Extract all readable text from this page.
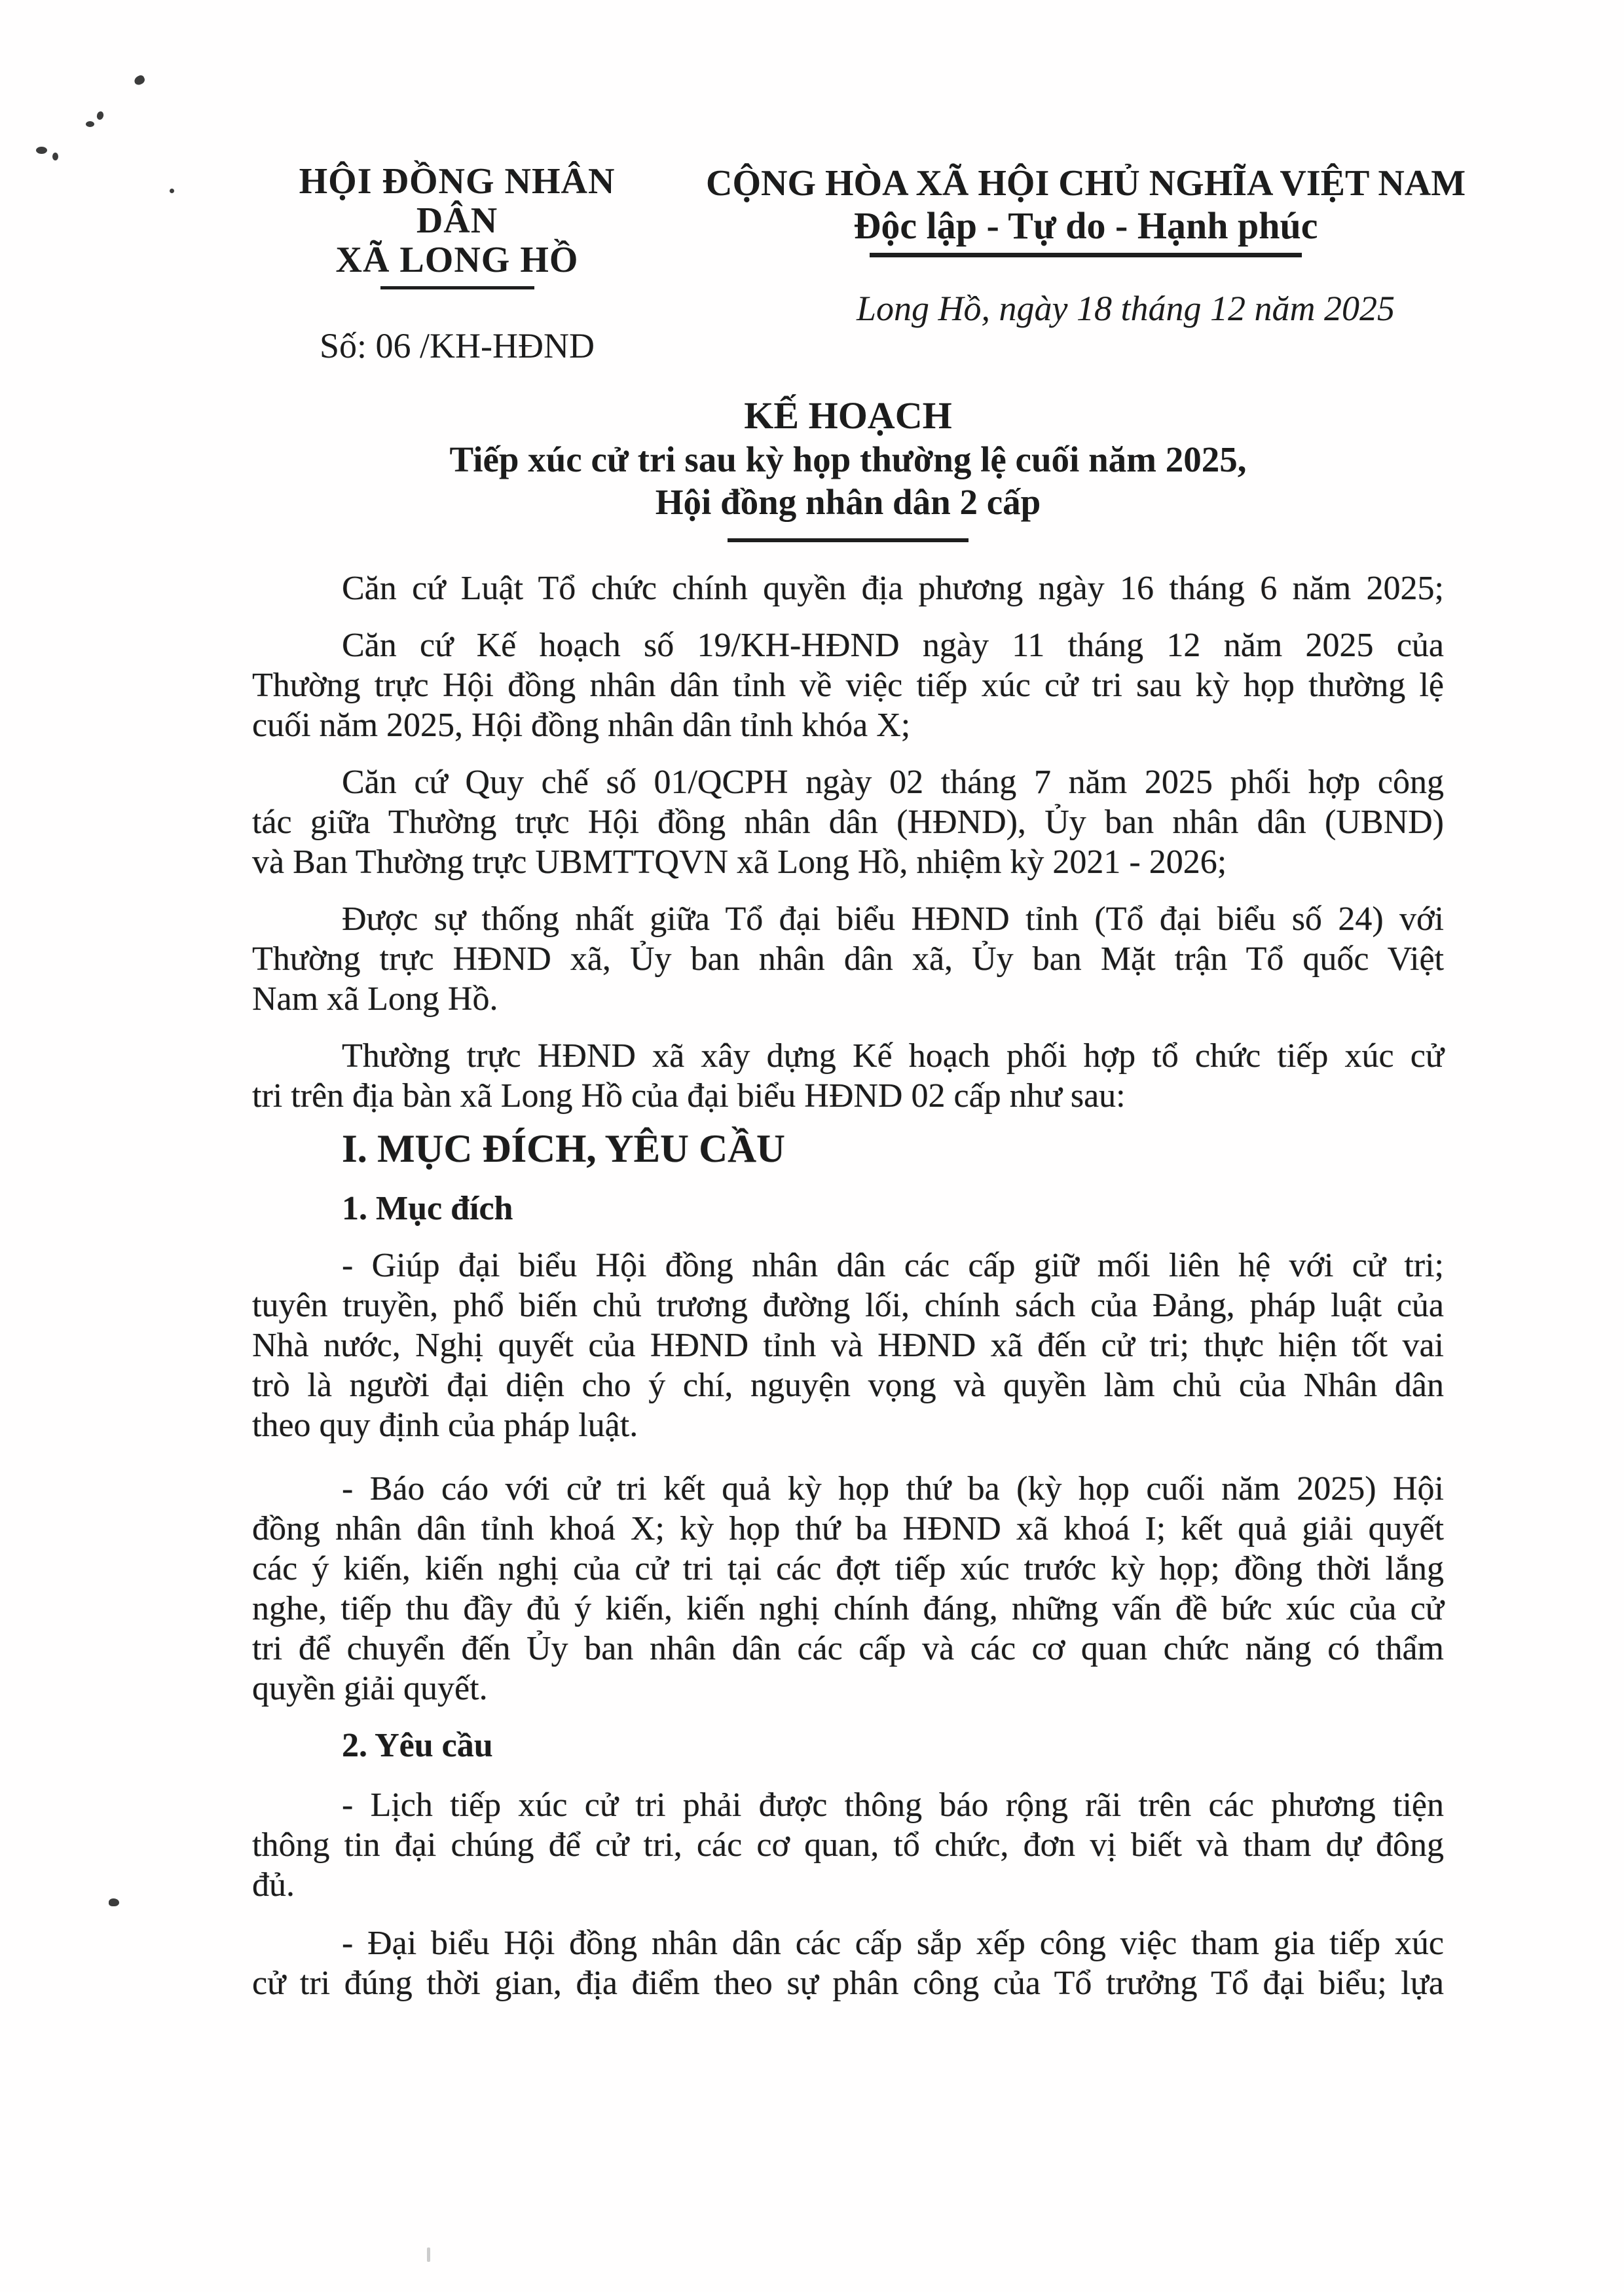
HỘI ĐỒNG NHÂN DÂN
XÃ LONG HỒ
Số: 06 /KH-HĐND
CỘNG HÒA XÃ HỘI CHỦ NGHĨA VIỆT NAM
Độc lập - Tự do - Hạnh phúc
Long Hồ, ngày 18 tháng 12 năm 2025
KẾ HOẠCH
Tiếp xúc cử tri sau kỳ họp thường lệ cuối năm 2025,
Hội đồng nhân dân 2 cấp

Căn cứ Luật Tổ chức chính quyền địa phương ngày 16 tháng 6 năm 2025;

Căn cứ Kế hoạch số 19/KH-HĐND ngày 11 tháng 12 năm 2025 của
Thường trực Hội đồng nhân dân tỉnh về việc tiếp xúc cử tri sau kỳ họp thường lệ
cuối năm 2025, Hội đồng nhân dân tỉnh khóa X;

Căn cứ Quy chế số 01/QCPH ngày 02 tháng 7 năm 2025 phối hợp công
tác giữa Thường trực Hội đồng nhân dân (HĐND), Ủy ban nhân dân (UBND)
và Ban Thường trực UBMTTQVN xã Long Hồ, nhiệm kỳ 2021 - 2026;

Được sự thống nhất giữa Tổ đại biểu HĐND tỉnh (Tổ đại biểu số 24) với
Thường trực HĐND xã, Ủy ban nhân dân xã, Ủy ban Mặt trận Tổ quốc Việt
Nam xã Long Hồ.

Thường trực HĐND xã xây dựng Kế hoạch phối hợp tổ chức tiếp xúc cử
tri trên địa bàn xã Long Hồ của đại biểu HĐND 02 cấp như sau:

I. MỤC ĐÍCH, YÊU CẦU
1. Mục đích

- Giúp đại biểu Hội đồng nhân dân các cấp giữ mối liên hệ với cử tri;
tuyên truyền, phổ biến chủ trương đường lối, chính sách của Đảng, pháp luật của
Nhà nước, Nghị quyết của HĐND tỉnh và HĐND xã đến cử tri; thực hiện tốt vai
trò là người đại diện cho ý chí, nguyện vọng và quyền làm chủ của Nhân dân
theo quy định của pháp luật.

- Báo cáo với cử tri kết quả kỳ họp thứ ba (kỳ họp cuối năm 2025) Hội
đồng nhân dân tỉnh khoá X; kỳ họp thứ ba HĐND xã khoá I; kết quả giải quyết
các ý kiến, kiến nghị của cử tri tại các đợt tiếp xúc trước kỳ họp; đồng thời lắng
nghe, tiếp thu đầy đủ ý kiến, kiến nghị chính đáng, những vấn đề bức xúc của cử
tri để chuyển đến Ủy ban nhân dân các cấp và các cơ quan chức năng có thẩm
quyền giải quyết.

2. Yêu cầu

- Lịch tiếp xúc cử tri phải được thông báo rộng rãi trên các phương tiện
thông tin đại chúng để cử tri, các cơ quan, tổ chức, đơn vị biết và tham dự đông
đủ.

- Đại biểu Hội đồng nhân dân các cấp sắp xếp công việc tham gia tiếp xúc
cử tri đúng thời gian, địa điểm theo sự phân công của Tổ trưởng Tổ đại biểu; lựa
